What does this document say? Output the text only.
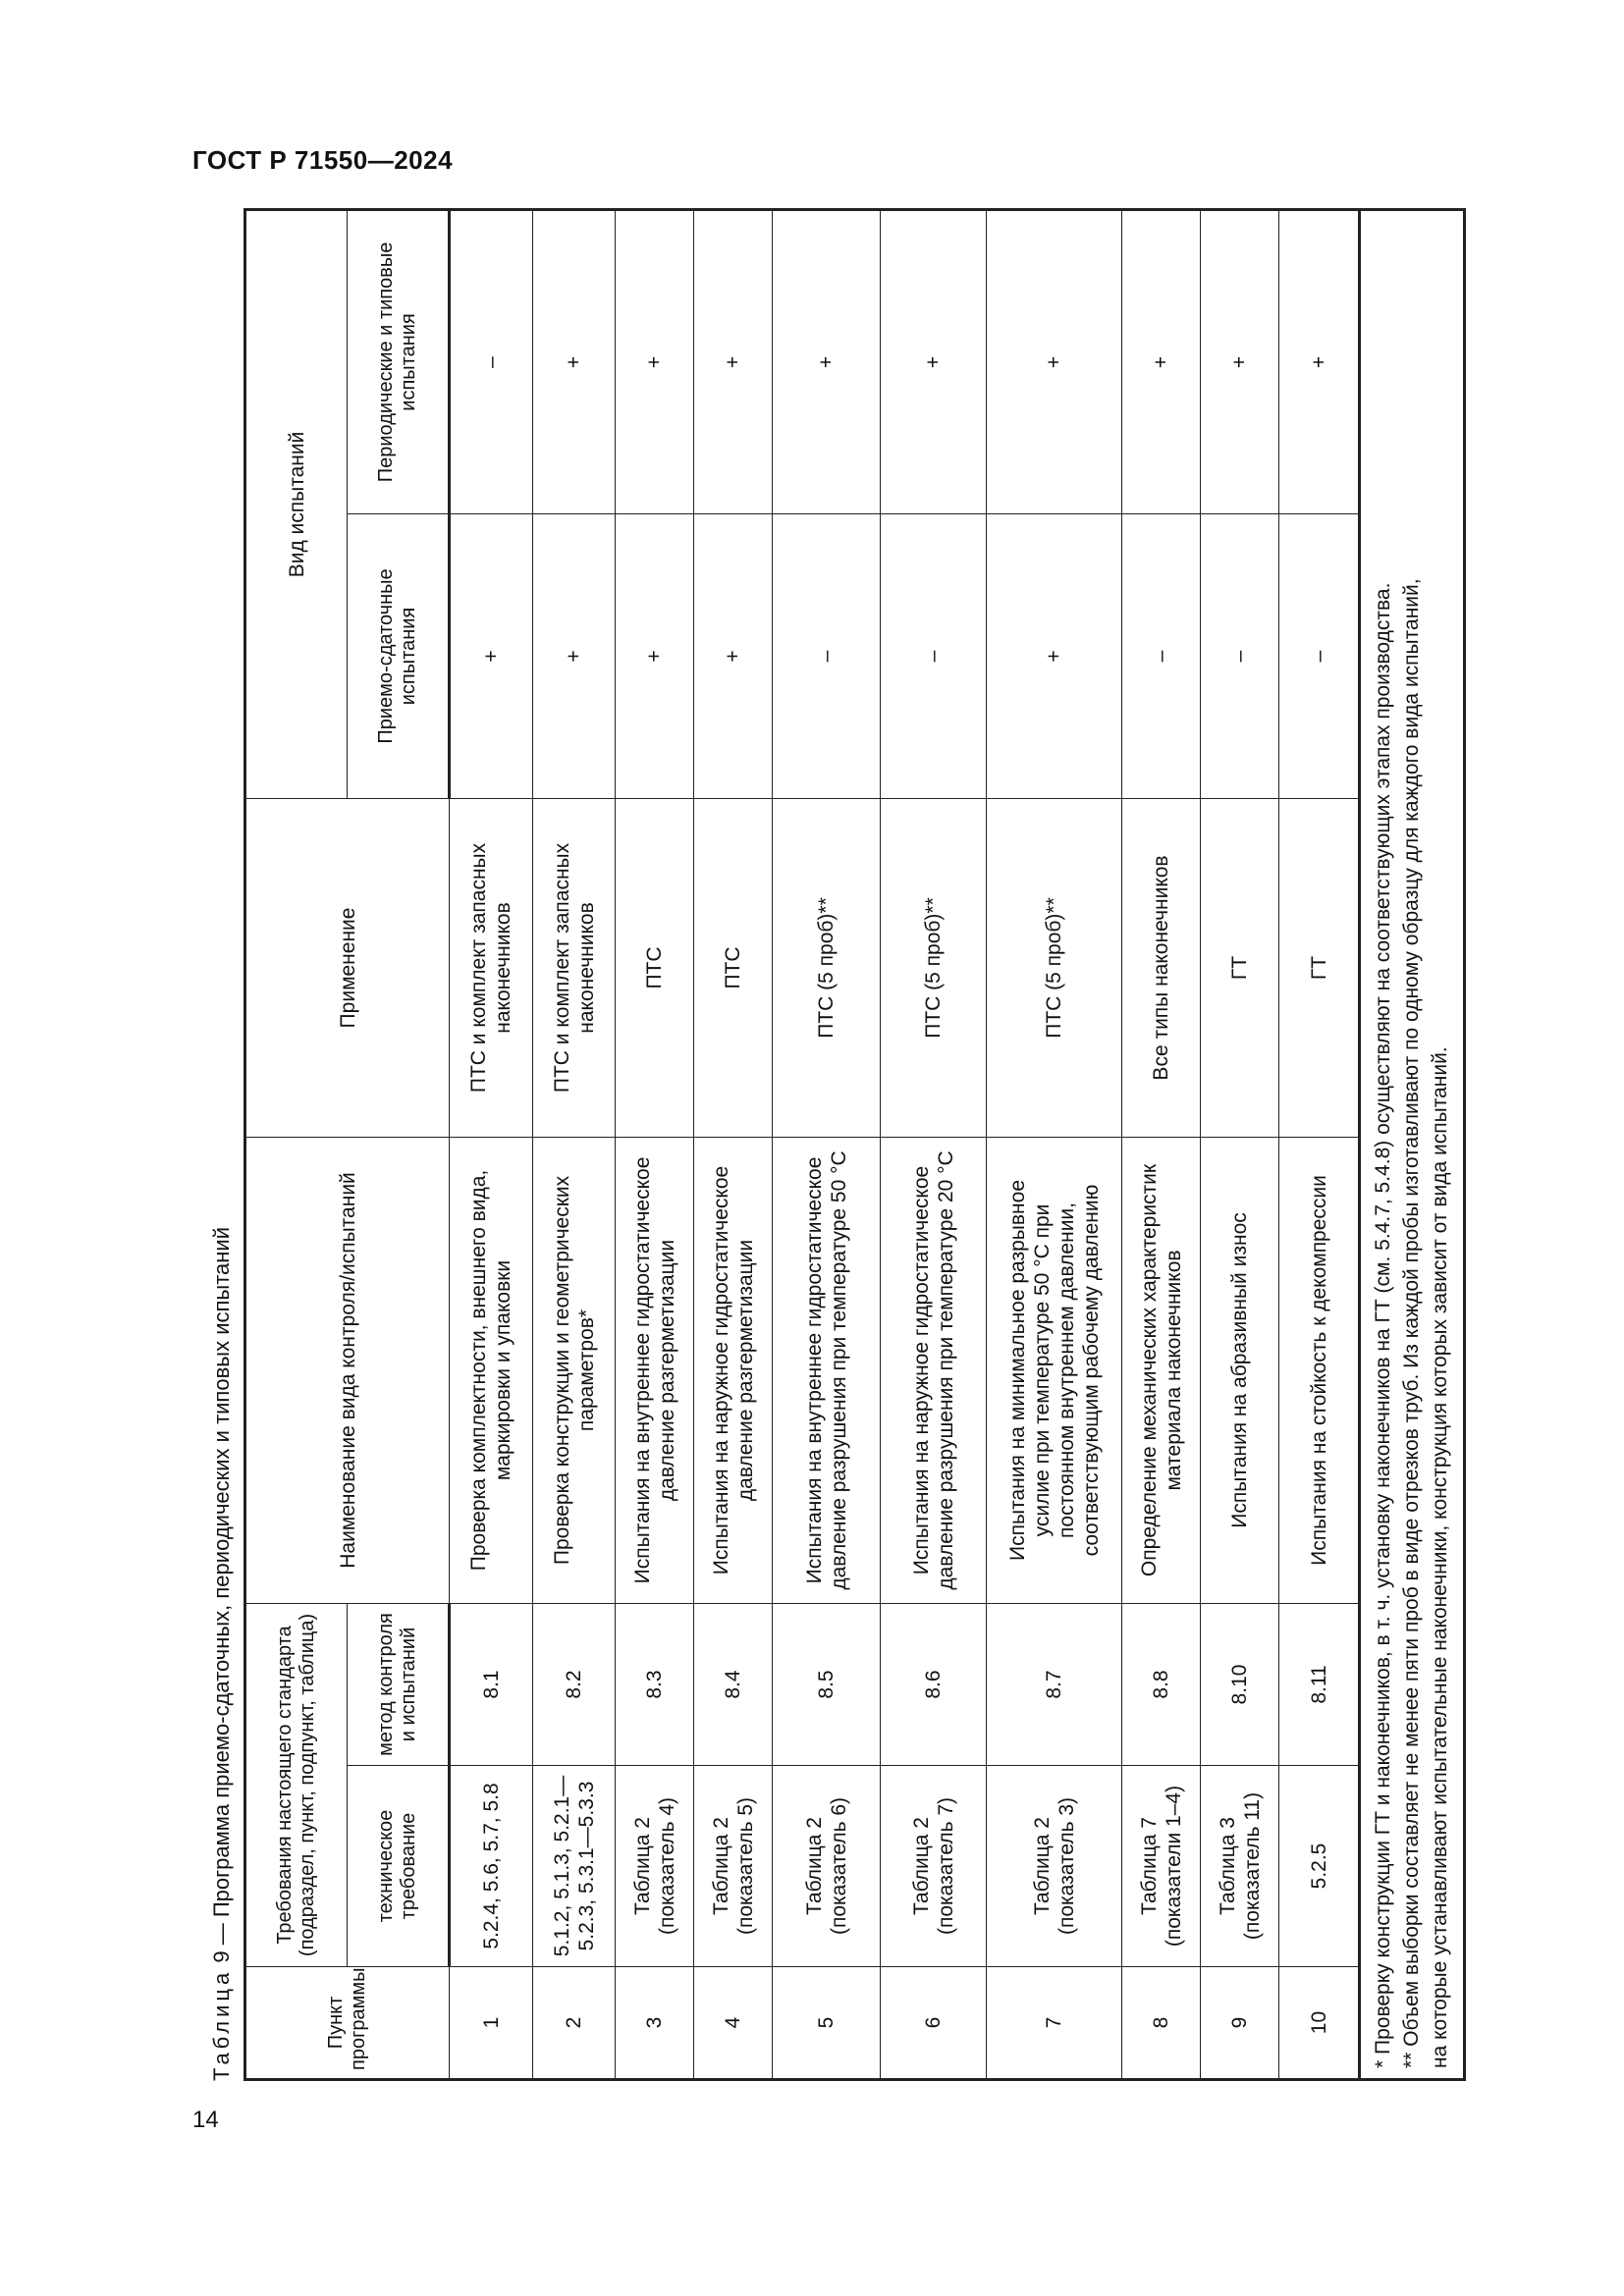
ГОСТ Р 71550—2024
14
Таблица 9 — Программа приемо-сдаточных, периодических и типовых испытаний
Пункт программы	Требования настоящего стандарта (подраздел, пункт, подпункт, таблица)		Наименование вида контроля/испытаний	Применение	Вид испытаний	
	техническое требование	метод контроля и испытаний			Приемо-сдаточные испытания	Периодические и типовые испытания
1	5.2.4, 5.6, 5.7, 5.8	8.1	Проверка комплектности, внешнего вида, маркировки и упаковки	ПТС и комплект запасных наконечников	+	–
2	5.1.2, 5.1.3, 5.2.1—5.2.3, 5.3.1—5.3.3	8.2	Проверка конструкции и геометрических параметров*	ПТС и комплект запасных наконечников	+	+
3	Таблица 2 (показатель 4)	8.3	Испытания на внутреннее гидростатическое давление разгерметизации	ПТС	+	+
4	Таблица 2 (показатель 5)	8.4	Испытания на наружное гидростатическое давление разгерметизации	ПТС	+	+
5	Таблица 2 (показатель 6)	8.5	Испытания на внутреннее гидростатическое давление разрушения при температуре 50 °С	ПТС (5 проб)**	–	+
6	Таблица 2 (показатель 7)	8.6	Испытания на наружное гидростатическое давление разрушения при температуре 20 °С	ПТС (5 проб)**	–	+
7	Таблица 2 (показатель 3)	8.7	Испытания на минимальное разрывное усилие при температуре 50 °С при постоянном внутреннем давлении, соответствующим рабочему давлению	ПТС (5 проб)**	+	+
8	Таблица 7 (показатели 1–4)	8.8	Определение механических характеристик материала наконечников	Все типы наконечников	–	+
9	Таблица 3 (показатель 11)	8.10	Испытания на абразивный износ	ГТ	–	+
10	5.2.5	8.11	Испытания на стойкость к декомпрессии	ГТ	–	+

* Проверку конструкции ГТ и наконечников, в т. ч. установку наконечников на ГТ (см. 5.4.7, 5.4.8) осуществляют на соответствующих этапах производства. ** Объем выборки составляет не менее пяти проб в виде отрезков труб. Из каждой пробы изготавливают по одному образцу для каждого вида испытаний, на которые устанавливают испытательные наконечники, конструкция которых зависит от вида испытаний.						
